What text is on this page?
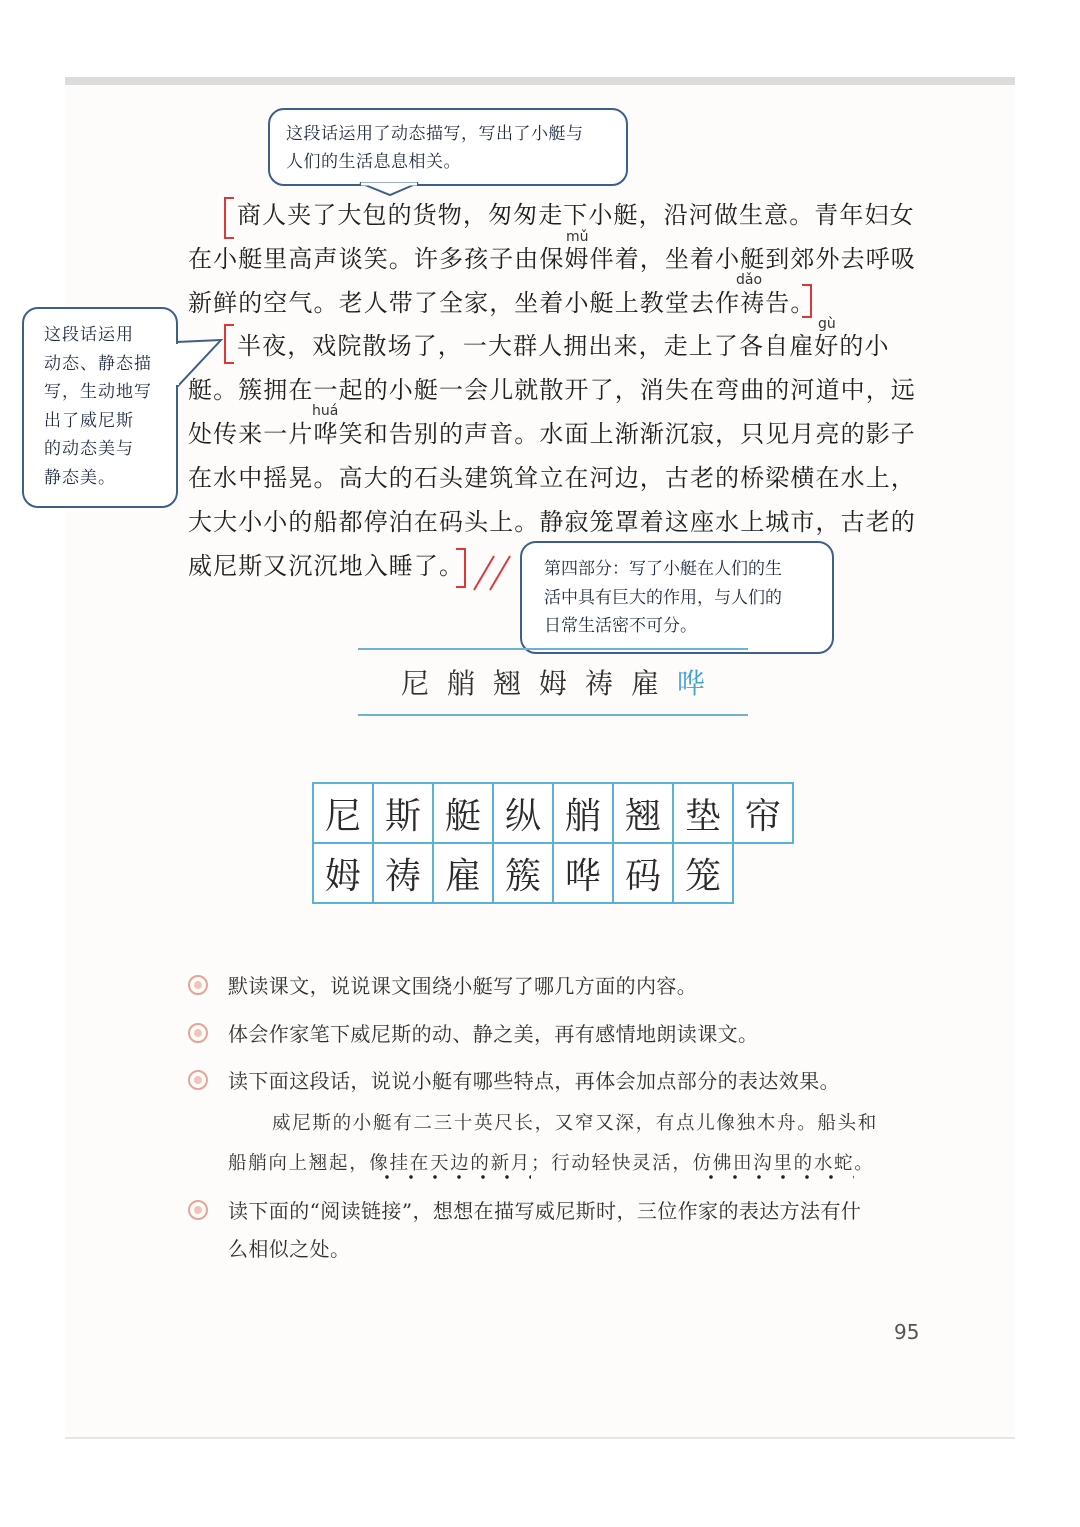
这段话运用了动态描写，写出了小艇与
人们的生活息息相关。
这段话运用
动态、静态描
写，生动地写
出了威尼斯
的动态美与
静态美。
第四部分：写了小艇在人们的生
活中具有巨大的作用，与人们的
日常生活密不可分。
商人夹了大包的货物，匆匆走下小艇，沿河做生意。青年妇女
在小艇里高声谈笑。许多孩子由保姆伴着，坐着小艇到郊外去呼吸
新鲜的空气。老人带了全家，坐着小艇上教堂去作祷告。
mǔ
dǎo
半夜，戏院散场了，一大群人拥出来，走上了各自雇好的小
艇。簇拥在一起的小艇一会儿就散开了，消失在弯曲的河道中，远
处传来一片哗笑和告别的声音。水面上渐渐沉寂，只见月亮的影子
在水中摇晃。高大的石头建筑耸立在河边，古老的桥梁横在水上，
大大小小的船都停泊在码头上。静寂笼罩着这座水上城市，古老的
威尼斯又沉沉地入睡了。
gù
huá
尼 艄 翘 姆 祷 雇 哗
尼 斯 艇 纵 艄 翘 垫 帘
姆 祷 雇 簇 哗 码 笼
默读课文，说说课文围绕小艇写了哪几方面的内容。
体会作家笔下威尼斯的动、静之美，再有感情地朗读课文。
读下面这段话，说说小艇有哪些特点，再体会加点部分的表达效果。
威尼斯的小艇有二三十英尺长，又窄又深，有点儿像独木舟。船头和
船艄向上翘起，像挂在天边的新月；行动轻快灵活，仿佛田沟里的水蛇。
读下面的“阅读链接”，想想在描写威尼斯时，三位作家的表达方法有什
么相似之处。
95
